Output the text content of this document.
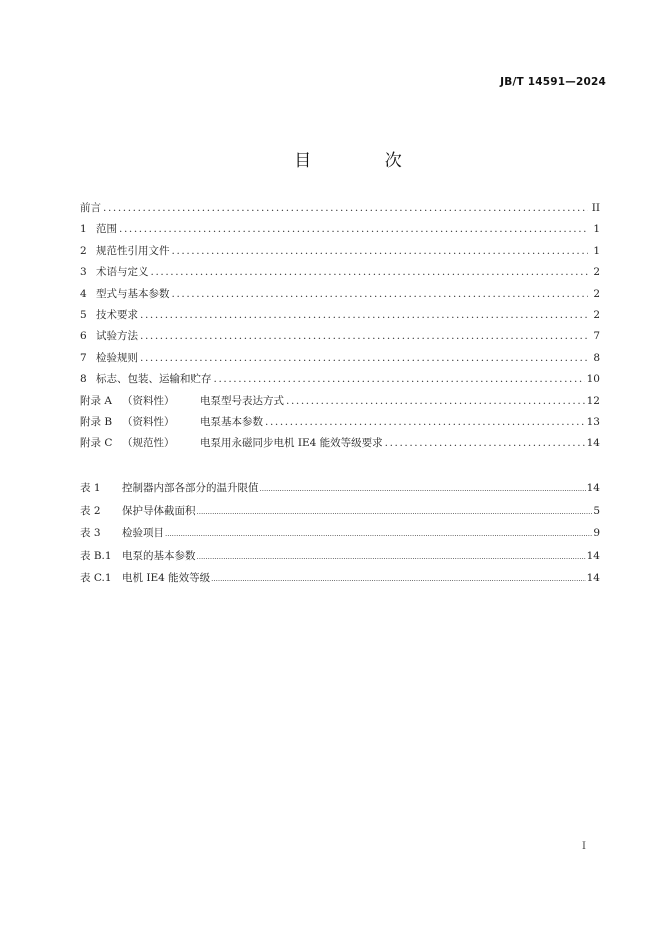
JB/T 14591—2024
目 次
前言 .....	II
1 范围 .....	1
2 规范性引用文件 .....	1
3 术语与定义 .....	2
4 型式与基本参数 .....	2
5 技术要求 .....	2
6 试验方法 .....	7
7 检验规则 .....	8
8 标志、包装、运输和贮存 .....	10
附录 A （资料性）	电泵型号表达方式 .....	12
附录 B （资料性）	电泵基本参数 .....	13
附录 C （规范性）	电泵用永磁同步电机 IE4 能效等级要求 .....	14
表 1	控制器内部各部分的温升限值 .....	14
表 2	保护导体截面积 .....	5
表 3	检验项目 .....	9
表 B.1 电泵的基本参数 .....	14
表 C.1 电机 IE4 能效等级 .....	14
I
